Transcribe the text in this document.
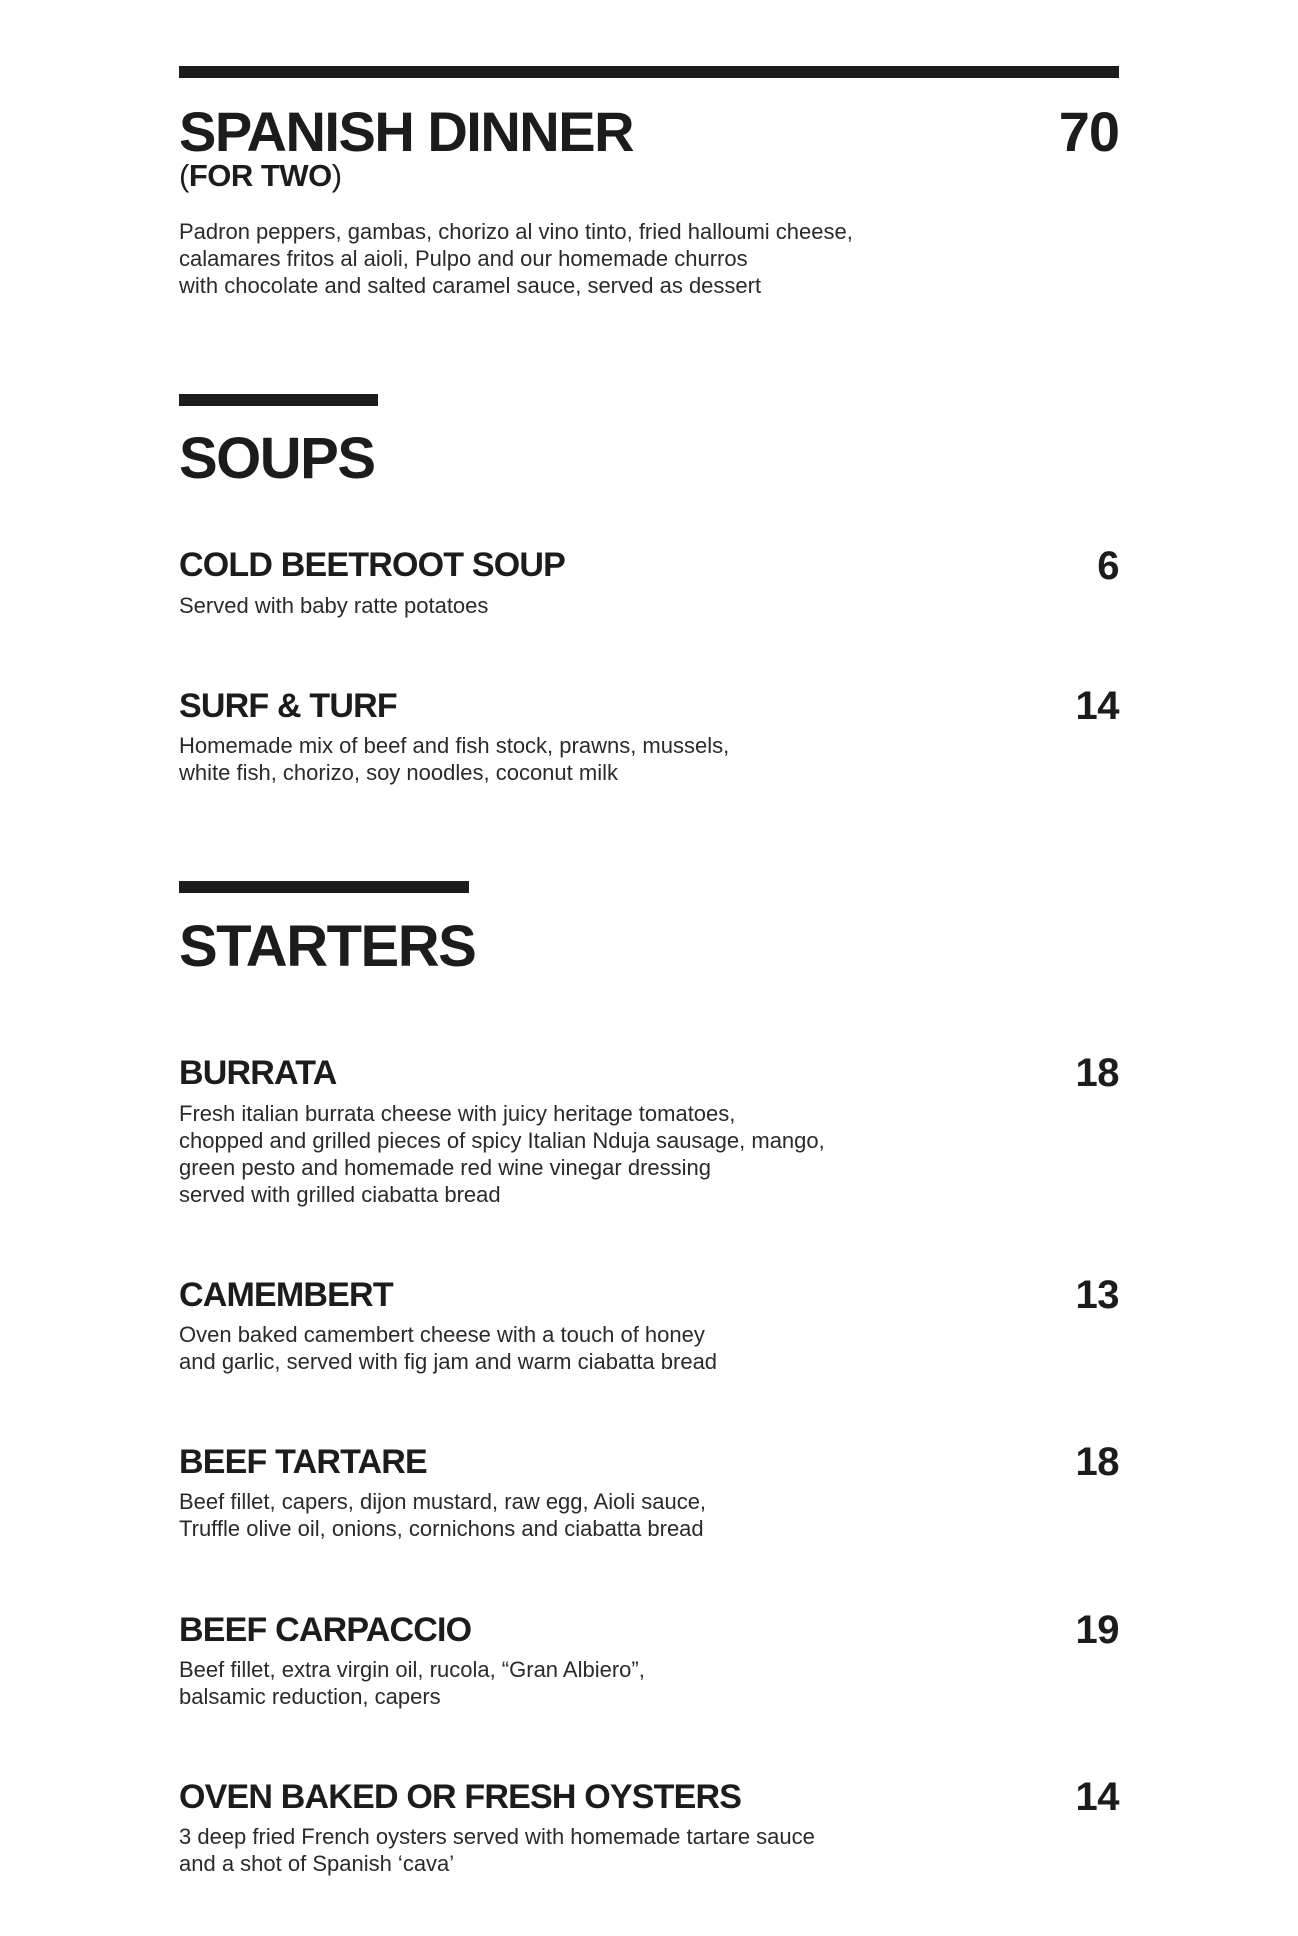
SPANISH DINNER	70
(FOR TWO)
Padron peppers, gambas, chorizo al vino tinto, fried halloumi cheese,
calamares fritos al aioli, Pulpo and our homemade churros
with chocolate and salted caramel sauce, served as dessert
SOUPS
COLD BEETROOT SOUP	6
Served with baby ratte potatoes
SURF & TURF	14
Homemade mix of beef and fish stock, prawns, mussels,
white fish, chorizo, soy noodles, coconut milk
STARTERS
BURRATA	18
Fresh italian burrata cheese with juicy heritage tomatoes,
chopped and grilled pieces of spicy Italian Nduja sausage, mango,
green pesto and homemade red wine vinegar dressing
served with grilled ciabatta bread
CAMEMBERT	13
Oven baked camembert cheese with a touch of honey
and garlic, served with fig jam and warm ciabatta bread
BEEF TARTARE	18
Beef fillet, capers, dijon mustard, raw egg, Aioli sauce,
Truffle olive oil, onions, cornichons and ciabatta bread
BEEF CARPACCIO	19
Beef fillet, extra virgin oil, rucola, “Gran Albiero”,
balsamic reduction, capers
OVEN BAKED OR FRESH OYSTERS	14
3 deep fried French oysters served with homemade tartare sauce
and a shot of Spanish ‘cava’
